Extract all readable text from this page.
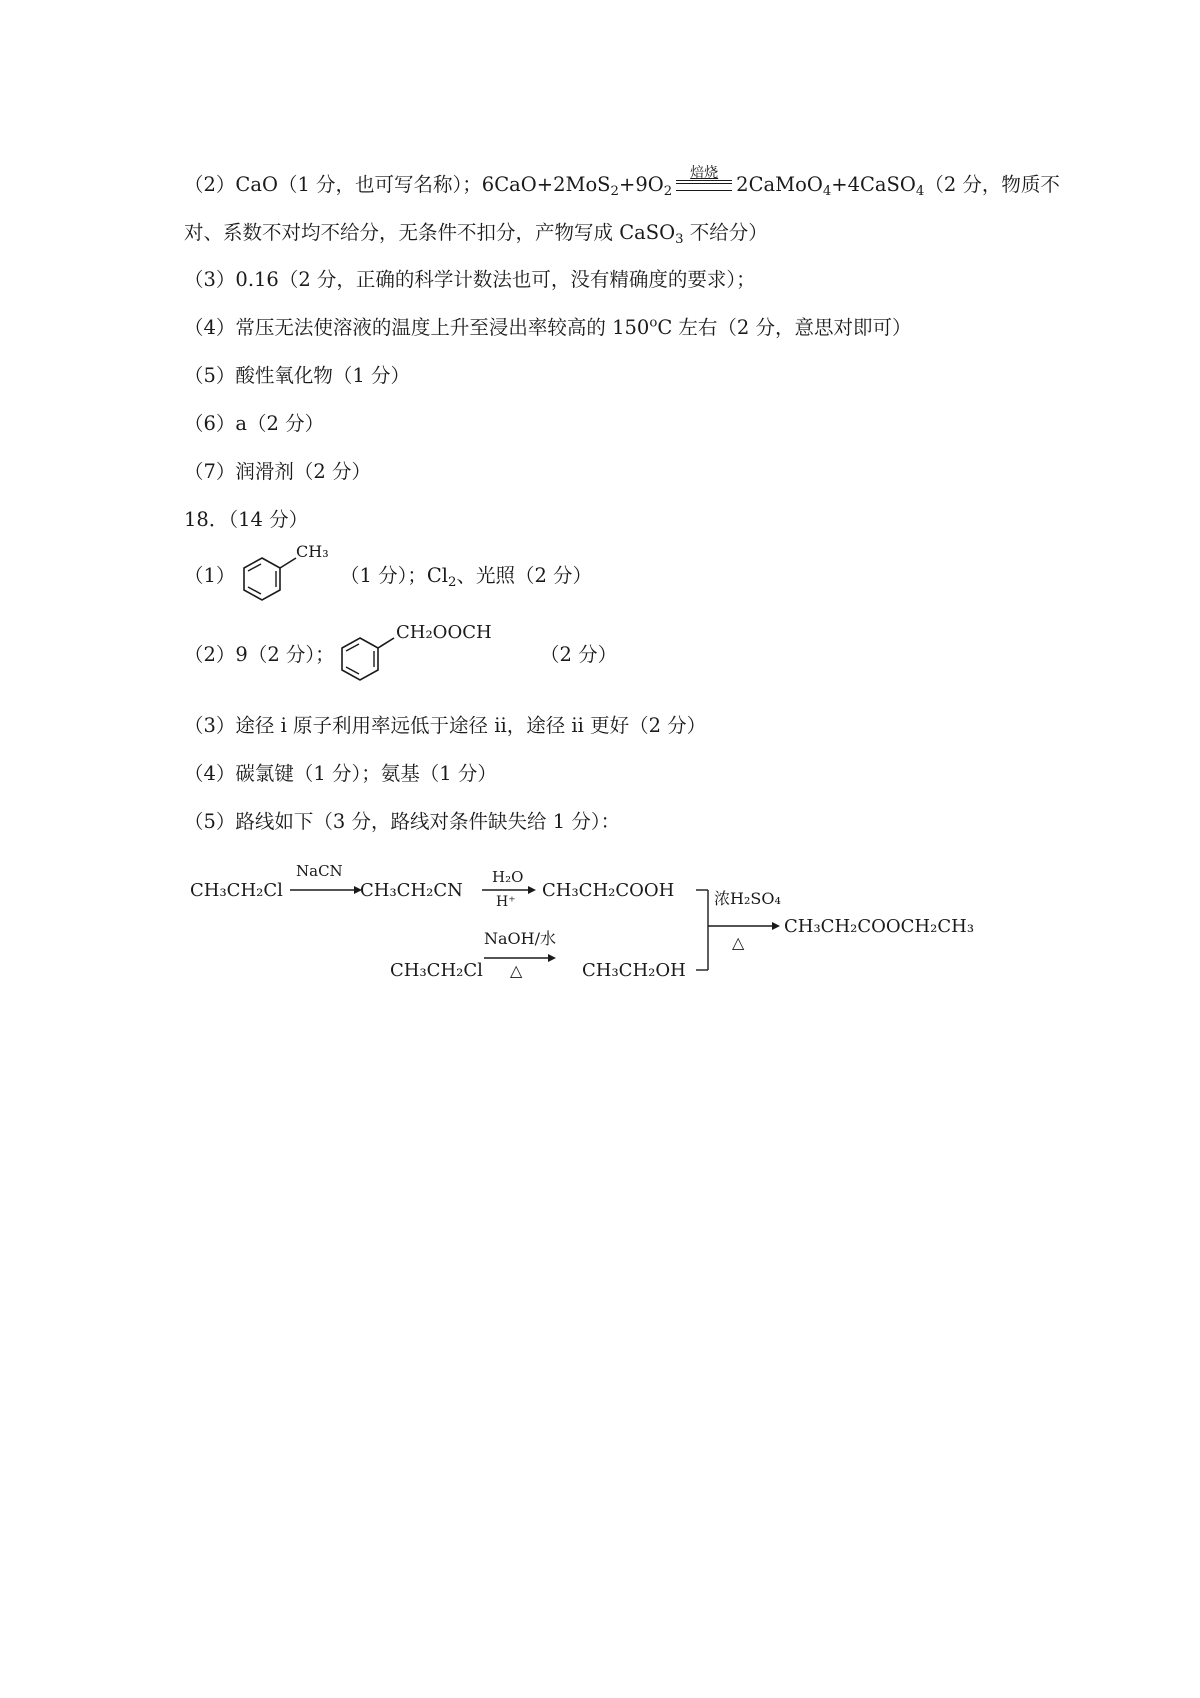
（2）CaO（1 分，也可写名称）；$6CaO+2MoS_2+9O_2$
焙烧
2CaMoO$_4$+4CaSO$_4$（2 分，物质不
对、系数不对均不给分，无条件不扣分，产物写成 CaSO$_3$ 不给分）
（3）0.16（2 分，正确的科学计数法也可，没有精确度的要求）；
（4）常压无法使溶液的温度上升至浸出率较高的 150$^o$C 左右（2 分，意思对即可）
（5）酸性氧化物（1 分）
（6）a（2 分）
（7）润滑剂（2 分）
18．（14 分）
（1）
CH₃
（1 分）；$Cl_2$、光照（2 分）
（2）9（2 分）；
CH₂OOCH
（2 分）
（3）途径 i 原子利用率远低于途径 ii，途径 ii 更好（2 分）
（4）碳氯键（1 分）；氨基（1 分）
（5）路线如下（3 分，路线对条件缺失给 1 分）：
CH₃CH₂Cl
NaCN
CH₃CH₂CN
H₂O
H⁺
CH₃CH₂COOH 浓H₂SO₄
△
CH₃CH₂COOCH₂CH₃
CH₃CH₂Cl
NaOH/水
△	CH₃CH₂OH
